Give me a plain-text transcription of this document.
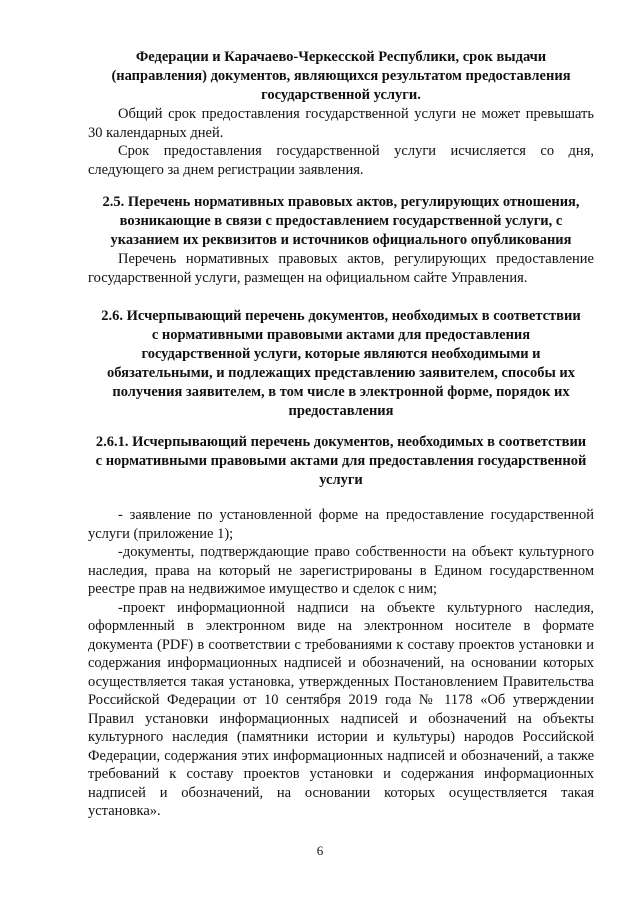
Федерации и Карачаево-Черкесской Республики, срок выдачи (направления) документов, являющихся результатом предоставления государственной услуги.

Общий срок предоставления государственной услуги не может превышать 30 календарных дней.

Срок предоставления государственной услуги исчисляется со дня, следующего за днем регистрации заявления.

2.5. Перечень нормативных правовых актов, регулирующих отношения, возникающие в связи с предоставлением государственной услуги, с указанием их реквизитов и источников официального опубликования

Перечень нормативных правовых актов, регулирующих предоставление государственной услуги, размещен на официальном сайте Управления.

2.6. Исчерпывающий перечень документов, необходимых в соответствии с нормативными правовыми актами для предоставления государственной услуги, которые являются необходимыми и обязательными, и подлежащих представлению заявителем, способы их получения заявителем, в том числе в электронной форме, порядок их предоставления

2.6.1. Исчерпывающий перечень документов, необходимых в соответствии с нормативными правовыми актами для предоставления государственной услуги

- заявление по установленной форме на предоставление государственной услуги (приложение 1);

-документы, подтверждающие право собственности на объект культурного наследия, права на который не зарегистрированы в Едином государственном реестре прав на недвижимое имущество и сделок с ним;

-проект информационной надписи на объекте культурного наследия, оформленный в электронном виде на электронном носителе в формате документа (PDF) в соответствии с требованиями к составу проектов установки и содержания информационных надписей и обозначений, на основании которых осуществляется такая установка, утвержденных Постановлением Правительства Российской Федерации от 10 сентября 2019 года № 1178 «Об утверждении Правил установки информационных надписей и обозначений на объекты культурного наследия (памятники истории и культуры) народов Российской Федерации, содержания этих информационных надписей и обозначений, а также требований к составу проектов установки и содержания информационных надписей и обозначений, на основании которых осуществляется такая установка».

6
